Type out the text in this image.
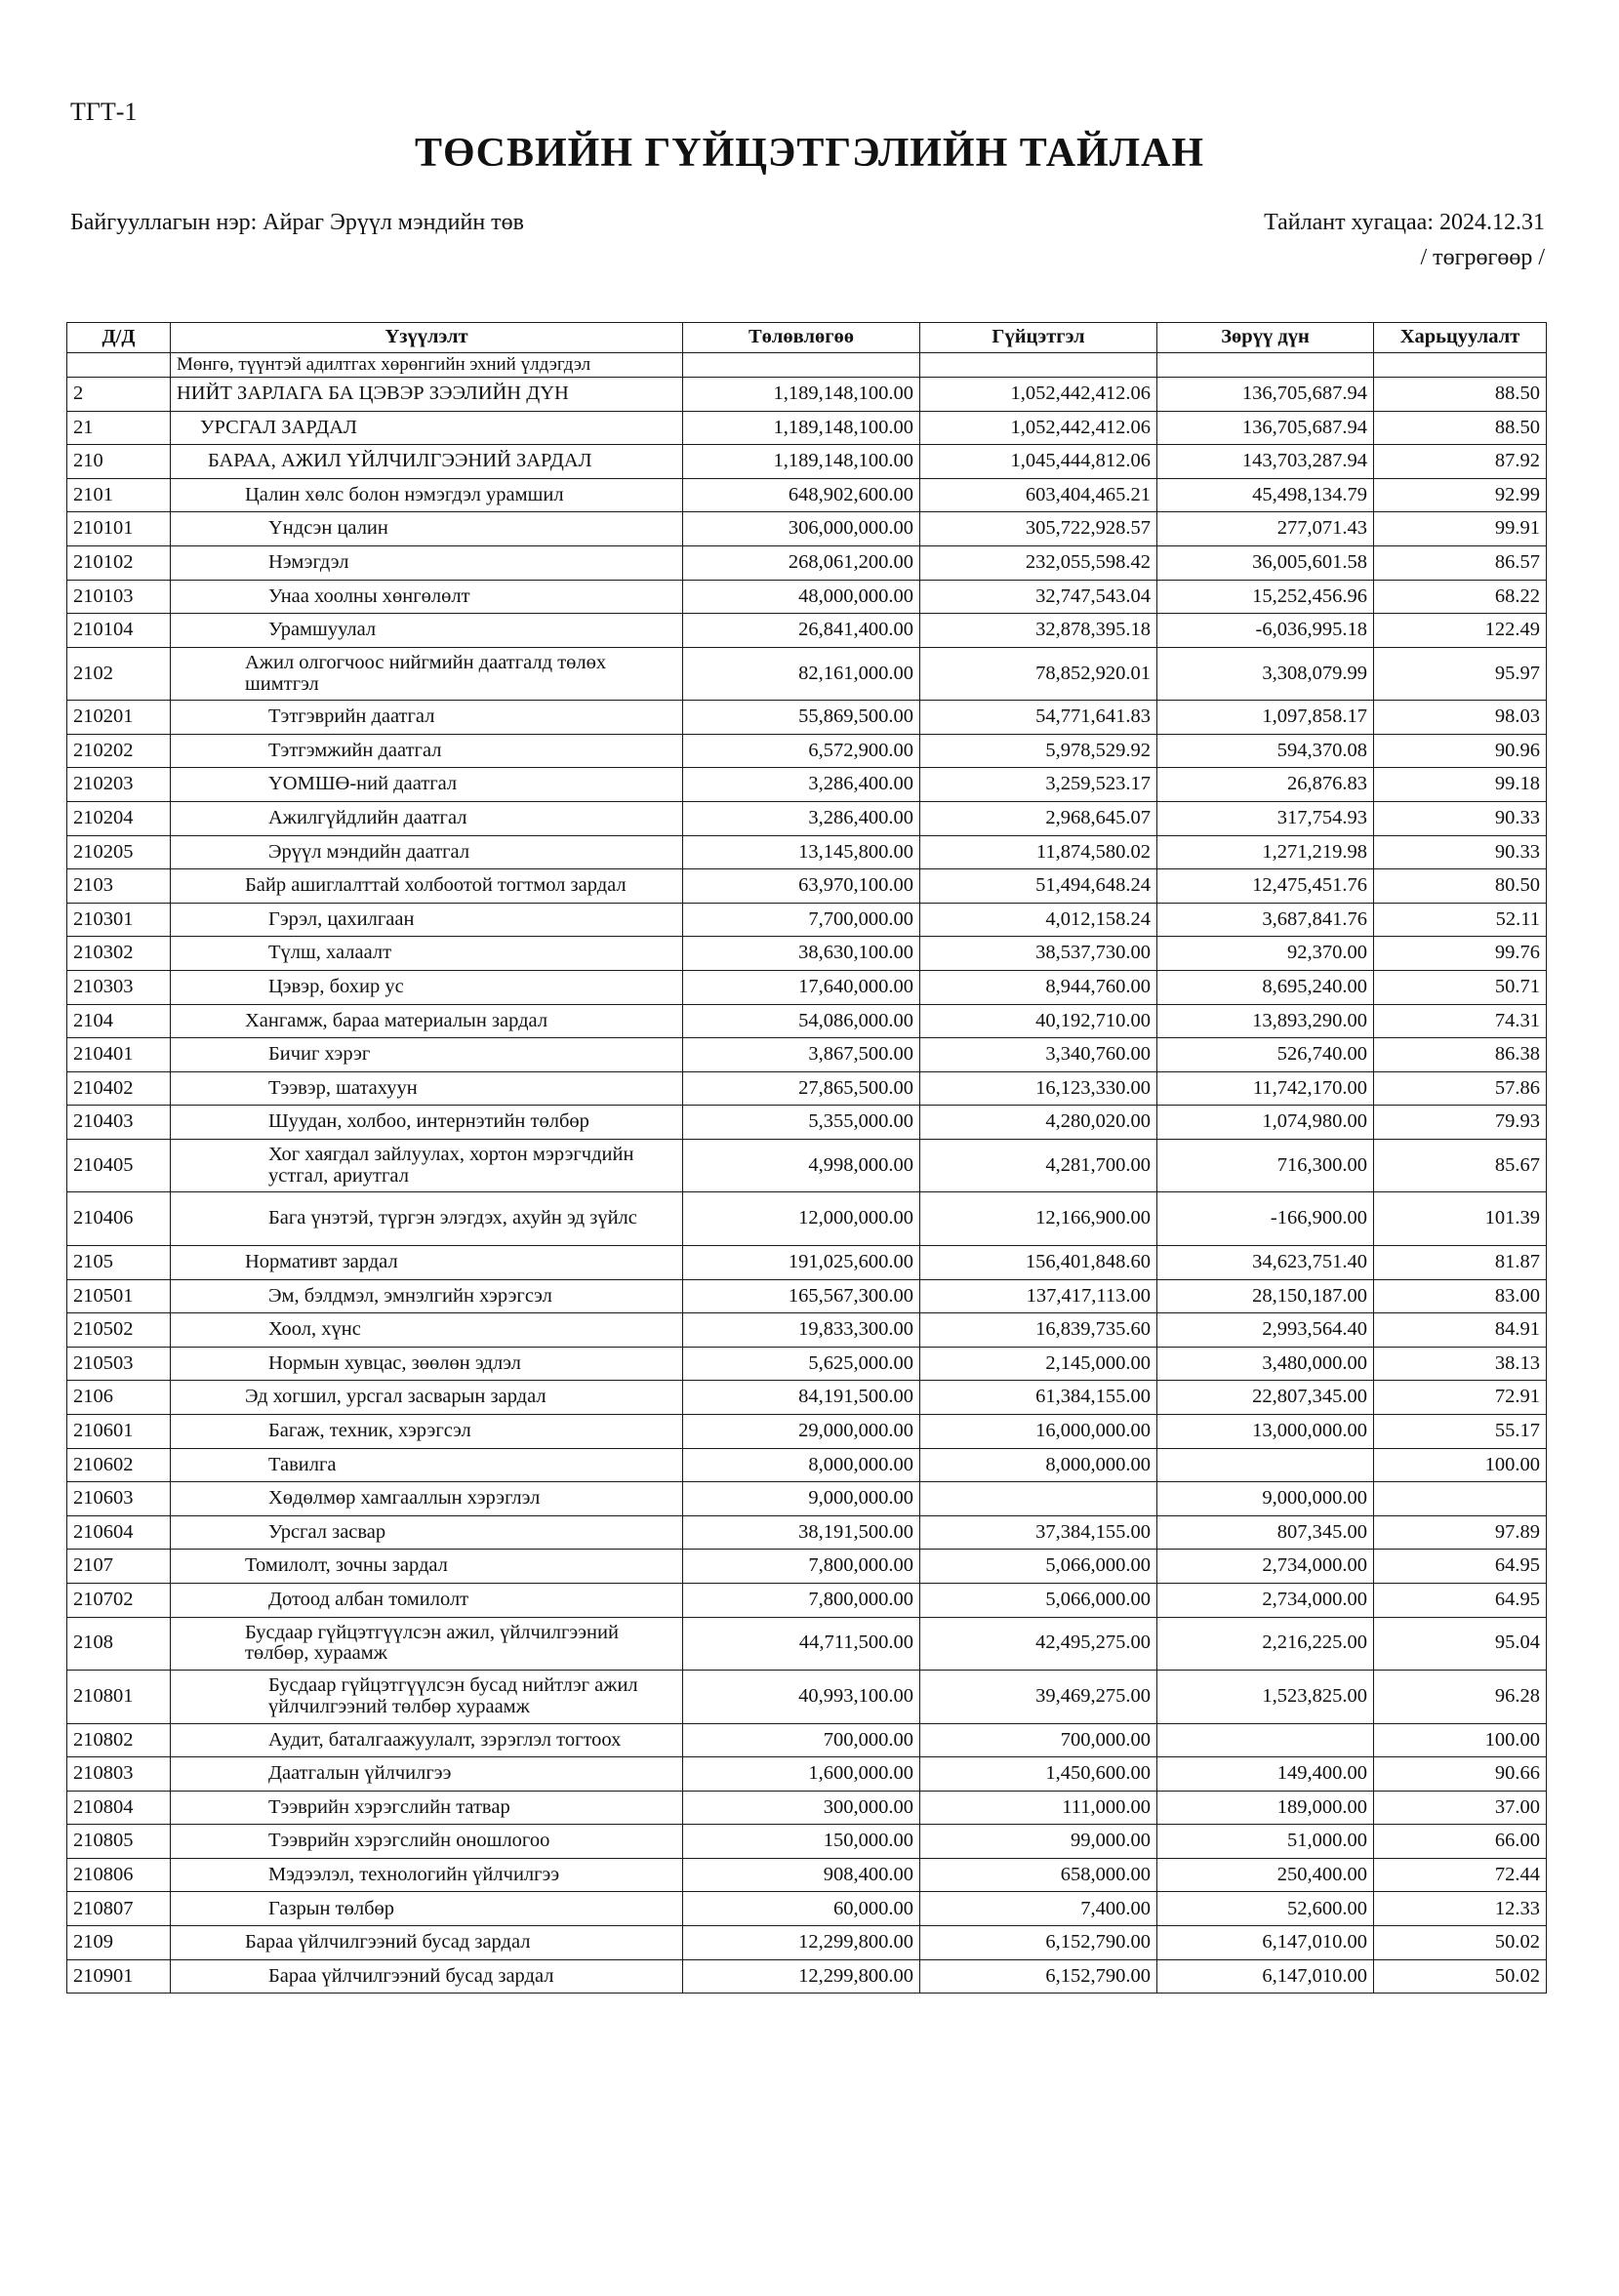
ТГТ-1
ТӨСВИЙН ГҮЙЦЭТГЭЛИЙН ТАЙЛАН
Байгууллагын нэр: Айраг Эрүүл мэндийн төв	Тайлант хугацаа: 2024.12.31
/ төгрөгөөр /
Д/Д	Үзүүлэлт	Төлөвлөгөө	Гүйцэтгэл	Зөрүү дүн	Харьцуулалт
	Мөнгө, түүнтэй адилтгах хөрөнгийн эхний үлдэгдэл				
2	НИЙТ ЗАРЛАГА БА ЦЭВЭР ЗЭЭЛИЙН ДҮН	1,189,148,100.00	1,052,442,412.06	136,705,687.94	88.50
21	УРСГАЛ ЗАРДАЛ	1,189,148,100.00	1,052,442,412.06	136,705,687.94	88.50
210	БАРАА, АЖИЛ ҮЙЛЧИЛГЭЭНИЙ ЗАРДАЛ	1,189,148,100.00	1,045,444,812.06	143,703,287.94	87.92
2101	Цалин хөлс болон нэмэгдэл урамшил	648,902,600.00	603,404,465.21	45,498,134.79	92.99
210101	Үндсэн цалин	306,000,000.00	305,722,928.57	277,071.43	99.91
210102	Нэмэгдэл	268,061,200.00	232,055,598.42	36,005,601.58	86.57
210103	Унаа хоолны хөнгөлөлт	48,000,000.00	32,747,543.04	15,252,456.96	68.22
210104	Урамшуулал	26,841,400.00	32,878,395.18	-6,036,995.18	122.49
2102	Ажил олгогчоос нийгмийн даатгалд төлөх шимтгэл	82,161,000.00	78,852,920.01	3,308,079.99	95.97
210201	Тэтгэврийн даатгал	55,869,500.00	54,771,641.83	1,097,858.17	98.03
210202	Тэтгэмжийн даатгал	6,572,900.00	5,978,529.92	594,370.08	90.96
210203	ҮОМШӨ-ний даатгал	3,286,400.00	3,259,523.17	26,876.83	99.18
210204	Ажилгүйдлийн даатгал	3,286,400.00	2,968,645.07	317,754.93	90.33
210205	Эрүүл мэндийн даатгал	13,145,800.00	11,874,580.02	1,271,219.98	90.33
2103	Байр ашиглалттай холбоотой тогтмол зардал	63,970,100.00	51,494,648.24	12,475,451.76	80.50
210301	Гэрэл, цахилгаан	7,700,000.00	4,012,158.24	3,687,841.76	52.11
210302	Түлш, халаалт	38,630,100.00	38,537,730.00	92,370.00	99.76
210303	Цэвэр, бохир ус	17,640,000.00	8,944,760.00	8,695,240.00	50.71
2104	Хангамж, бараа материалын зардал	54,086,000.00	40,192,710.00	13,893,290.00	74.31
210401	Бичиг хэрэг	3,867,500.00	3,340,760.00	526,740.00	86.38
210402	Тээвэр, шатахуун	27,865,500.00	16,123,330.00	11,742,170.00	57.86
210403	Шуудан, холбоо, интернэтийн төлбөр	5,355,000.00	4,280,020.00	1,074,980.00	79.93
210405	Хог хаягдал зайлуулах, хортон мэрэгчдийн устгал, ариутгал	4,998,000.00	4,281,700.00	716,300.00	85.67
210406	Бага үнэтэй, түргэн элэгдэх, ахуйн эд зүйлс	12,000,000.00	12,166,900.00	-166,900.00	101.39
2105	Нормативт зардал	191,025,600.00	156,401,848.60	34,623,751.40	81.87
210501	Эм, бэлдмэл, эмнэлгийн хэрэгсэл	165,567,300.00	137,417,113.00	28,150,187.00	83.00
210502	Хоол, хүнс	19,833,300.00	16,839,735.60	2,993,564.40	84.91
210503	Нормын хувцас, зөөлөн эдлэл	5,625,000.00	2,145,000.00	3,480,000.00	38.13
2106	Эд хогшил, урсгал засварын зардал	84,191,500.00	61,384,155.00	22,807,345.00	72.91
210601	Багаж, техник, хэрэгсэл	29,000,000.00	16,000,000.00	13,000,000.00	55.17
210602	Тавилга	8,000,000.00	8,000,000.00		100.00
210603	Хөдөлмөр хамгааллын хэрэглэл	9,000,000.00		9,000,000.00	
210604	Урсгал засвар	38,191,500.00	37,384,155.00	807,345.00	97.89
2107	Томилолт, зочны зардал	7,800,000.00	5,066,000.00	2,734,000.00	64.95
210702	Дотоод албан томилолт	7,800,000.00	5,066,000.00	2,734,000.00	64.95
2108	Бусдаар гүйцэтгүүлсэн ажил, үйлчилгээний төлбөр, хураамж	44,711,500.00	42,495,275.00	2,216,225.00	95.04
210801	Бусдаар гүйцэтгүүлсэн бусад нийтлэг ажил үйлчилгээний төлбөр хураамж	40,993,100.00	39,469,275.00	1,523,825.00	96.28
210802	Аудит, баталгаажуулалт, зэрэглэл тогтоох	700,000.00	700,000.00		100.00
210803	Даатгалын үйлчилгээ	1,600,000.00	1,450,600.00	149,400.00	90.66
210804	Тээврийн хэрэгслийн татвар	300,000.00	111,000.00	189,000.00	37.00
210805	Тээврийн хэрэгслийн оношлогоо	150,000.00	99,000.00	51,000.00	66.00
210806	Мэдээлэл, технологийн үйлчилгээ	908,400.00	658,000.00	250,400.00	72.44
210807	Газрын төлбөр	60,000.00	7,400.00	52,600.00	12.33
2109	Бараа үйлчилгээний бусад зардал	12,299,800.00	6,152,790.00	6,147,010.00	50.02
210901	Бараа үйлчилгээний бусад зардал	12,299,800.00	6,152,790.00	6,147,010.00	50.02
